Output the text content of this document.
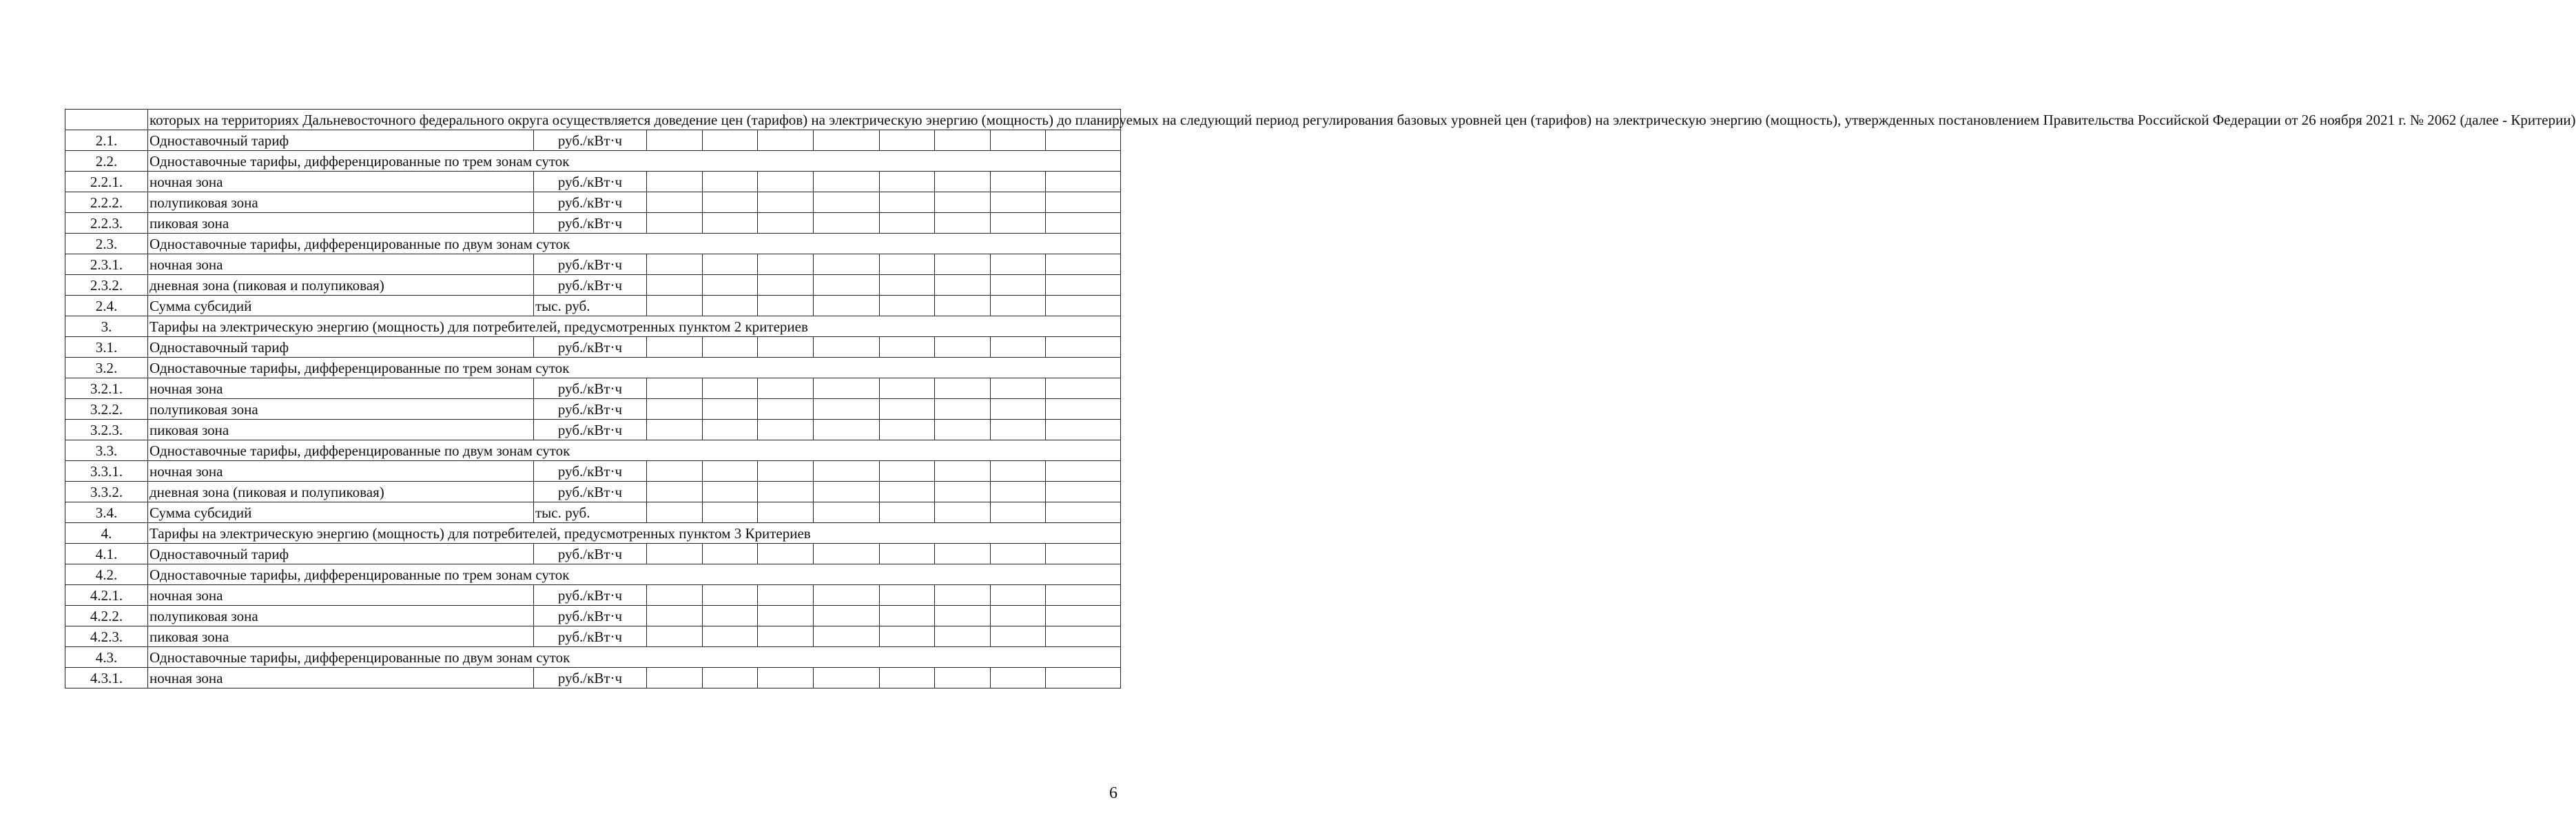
	которых на территориях Дальневосточного федерального округа осуществляется доведение цен (тарифов) на электрическую энергию (мощность) до планируемых на следующий период регулирования базовых уровней цен (тарифов) на электрическую энергию (мощность), утвержденных постановлением Правительства Российской Федерации от 26 ноября 2021 г. № 2062 (далее - Критерии)									
2.1.	Одноставочный тариф	руб./кВт·ч								
2.2.	Одноставочные тарифы, дифференцированные по трем зонам суток									
2.2.1.	ночная зона	руб./кВт·ч								
2.2.2.	полупиковая зона	руб./кВт·ч								
2.2.3.	пиковая зона	руб./кВт·ч								
2.3.	Одноставочные тарифы, дифференцированные по двум зонам суток									
2.3.1.	ночная зона	руб./кВт·ч								
2.3.2.	дневная зона (пиковая и полупиковая)	руб./кВт·ч								
2.4.	Сумма субсидий	тыс. руб.								
3.	Тарифы на электрическую энергию (мощность) для потребителей, предусмотренных пунктом 2 критериев									
3.1.	Одноставочный тариф	руб./кВт·ч								
3.2.	Одноставочные тарифы, дифференцированные по трем зонам суток									
3.2.1.	ночная зона	руб./кВт·ч								
3.2.2.	полупиковая зона	руб./кВт·ч								
3.2.3.	пиковая зона	руб./кВт·ч								
3.3.	Одноставочные тарифы, дифференцированные по двум зонам суток									
3.3.1.	ночная зона	руб./кВт·ч								
3.3.2.	дневная зона (пиковая и полупиковая)	руб./кВт·ч								
3.4.	Сумма субсидий	тыс. руб.								
4.	Тарифы на электрическую энергию (мощность) для потребителей, предусмотренных пунктом 3 Критериев									
4.1.	Одноставочный тариф	руб./кВт·ч								
4.2.	Одноставочные тарифы, дифференцированные по трем зонам суток									
4.2.1.	ночная зона	руб./кВт·ч								
4.2.2.	полупиковая зона	руб./кВт·ч								
4.2.3.	пиковая зона	руб./кВт·ч								
4.3.	Одноставочные тарифы, дифференцированные по двум зонам суток									
4.3.1.	ночная зона	руб./кВт·ч								
6
